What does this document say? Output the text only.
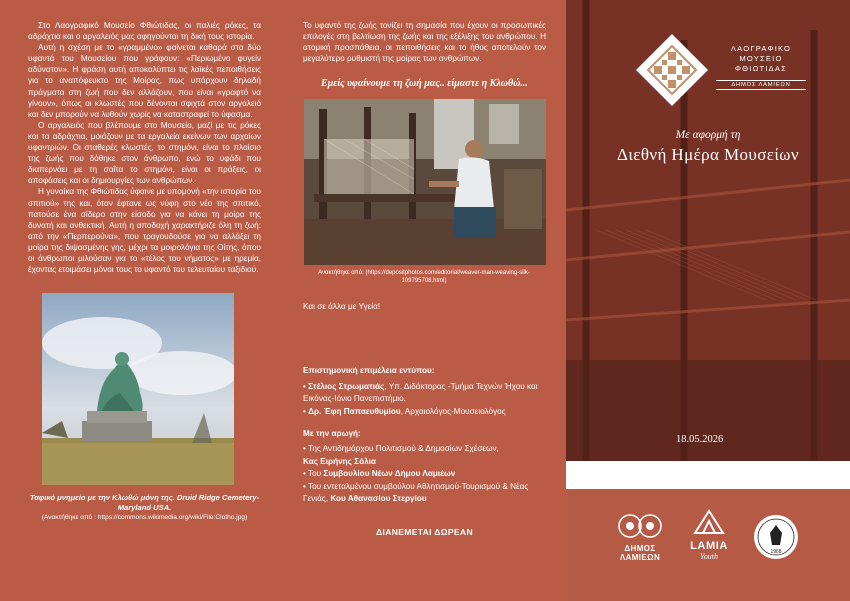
Στο Λαογραφικό Μουσείο Φθιώτιδας, οι παλιές ρόκες, τα αδράχτια και ο αργαλειός μας αφηγούνται τη δική τους ιστορία.

Αυτή η σχέση με το «γραμμένο» φαίνεται καθαρά στα δύο υφαντά του Μουσείου που γράφουν: «Περιωμένο φυγείν αδύνατον». Η φράση αυτή αποκαλύπτει τις λαϊκές πεποιθήσεις για το αναπόφευκτο της Μοίρας, πως υπάρχουν δηλαδή πράγματα στη ζωή που δεν αλλάζουν, που είναι «γραφτό να γίνουν», όπως οι κλωστές που δένονται σφιχτά στον αργαλειό και δεν μπορούν να λυθούν χωρίς να καταστραφεί το ύφασμα.

Ο αργαλειός που βλέπουμε στο Μουσείο, μαζί με τις ρόκες και τα αδράχτια, μοιάζουν με τα εργαλεία εκείνων των αρχαίων υφαντριών. Οι σταθερές κλωστές, το στημόνι, είναι το πλαίσιο της ζωής που δόθηκε στον άνθρωπο, ενώ το υφάδι που διαπερνάει με τη σαΐτα το στημόνι, είναι οι πράξεις, οι αποφάσεις και οι δημιουργίες των ανθρώπων.

Η γυναίκα της Φθιώτιδας ύφαινε με υπομονή «την ιστορία του σπιτιού» της και, όταν έφτανε ως νύφη στο νέο της σπιτικό, πατούσε ένα σίδερο στην είσοδο για να κάνει τη μοίρα της δυνατή και ανθεκτική. Αυτή η αποδοχή χαρακτήριζε όλη τη ζωή: από την «Περπερούνα», που τραγουδούσε για να αλλάξει τη μοίρα της διψασμένης γης, μέχρι τα μοιρολόγια της Οίτης, όπου οι άνθρωποι μιλούσαν για το «τέλος του νήματος» με ηρεμία, έχοντας ετοιμάσει μόνοι τους το υφαντό του τελευταίου ταξιδιού.

Ταφικό μνημείο με την Κλωθώ μόνη της. Druid Ridge Cemetery-Maryland USA.

(Ανακτήθηκε από : https://commons.wikimedia.org/wiki/File:Clotho.jpg)

Το υφαντό της ζωής τονίζει τη σημασία που έχουν οι προσωπικές επιλογές στη βελτίωση της ζωής και της εξέλιξης του ανθρώπου. Η ατομική προσπάθεια, οι πεποιθήσεις και το ήθος αποτελούν τον μεγαλύτερο ρυθμιστή της μοίρας των ανθρώπων.

Εμείς υφαίνουμε τη ζωή μας.. είμαστε η Κλωθώ...

Ανακτήθηκε από: (https://depositphotos.com/editorial/weaver-man-weaving-silk-109795708.html)

Και σε άλλα με Υγεία!

Επιστημονική επιμέλεια εντύπου:

• Στέλιος Στρωματιάς, Υπ. Διδάκτορας -Τμήμα Τεχνών Ήχου και Εικόνας-Ιόνιο Πανεπιστήμιο.

• Δρ. Έφη Παπαευθυμίου, Αρχαιολόγος-Μουσειολόγος

Με την αρωγή:

• Της Αντιδημάρχου Πολιτισμού & Δημοσίων Σχέσεων,
Κας Ειρήνης Σόλια

• Του Συμβουλίου Νέων Δήμου Λαμιέων

• Του εντεταλμένου συμβούλου Αθλητισμού-Τουρισμού & Νέας Γενιάς, Κου Αθανασίου Στεργίου

ΔΙΑΝΕΜΕΤΑΙ ΔΩΡΕΑΝ

ΛΑΟΓΡΑΦΙΚΟ
ΜΟΥΣΕΙΟ
ΦΘΙΩΤΙΔΑΣ
ΔΗΜΟΣ ΛΑΜΙΕΩΝ
Με αφορμή τη
Διεθνή Ημέρα Μουσείων
18.05.2026
ΔΗΜΟΣ ΛΑΜΙΕΩΝ
LAMIA
Youth	1968
